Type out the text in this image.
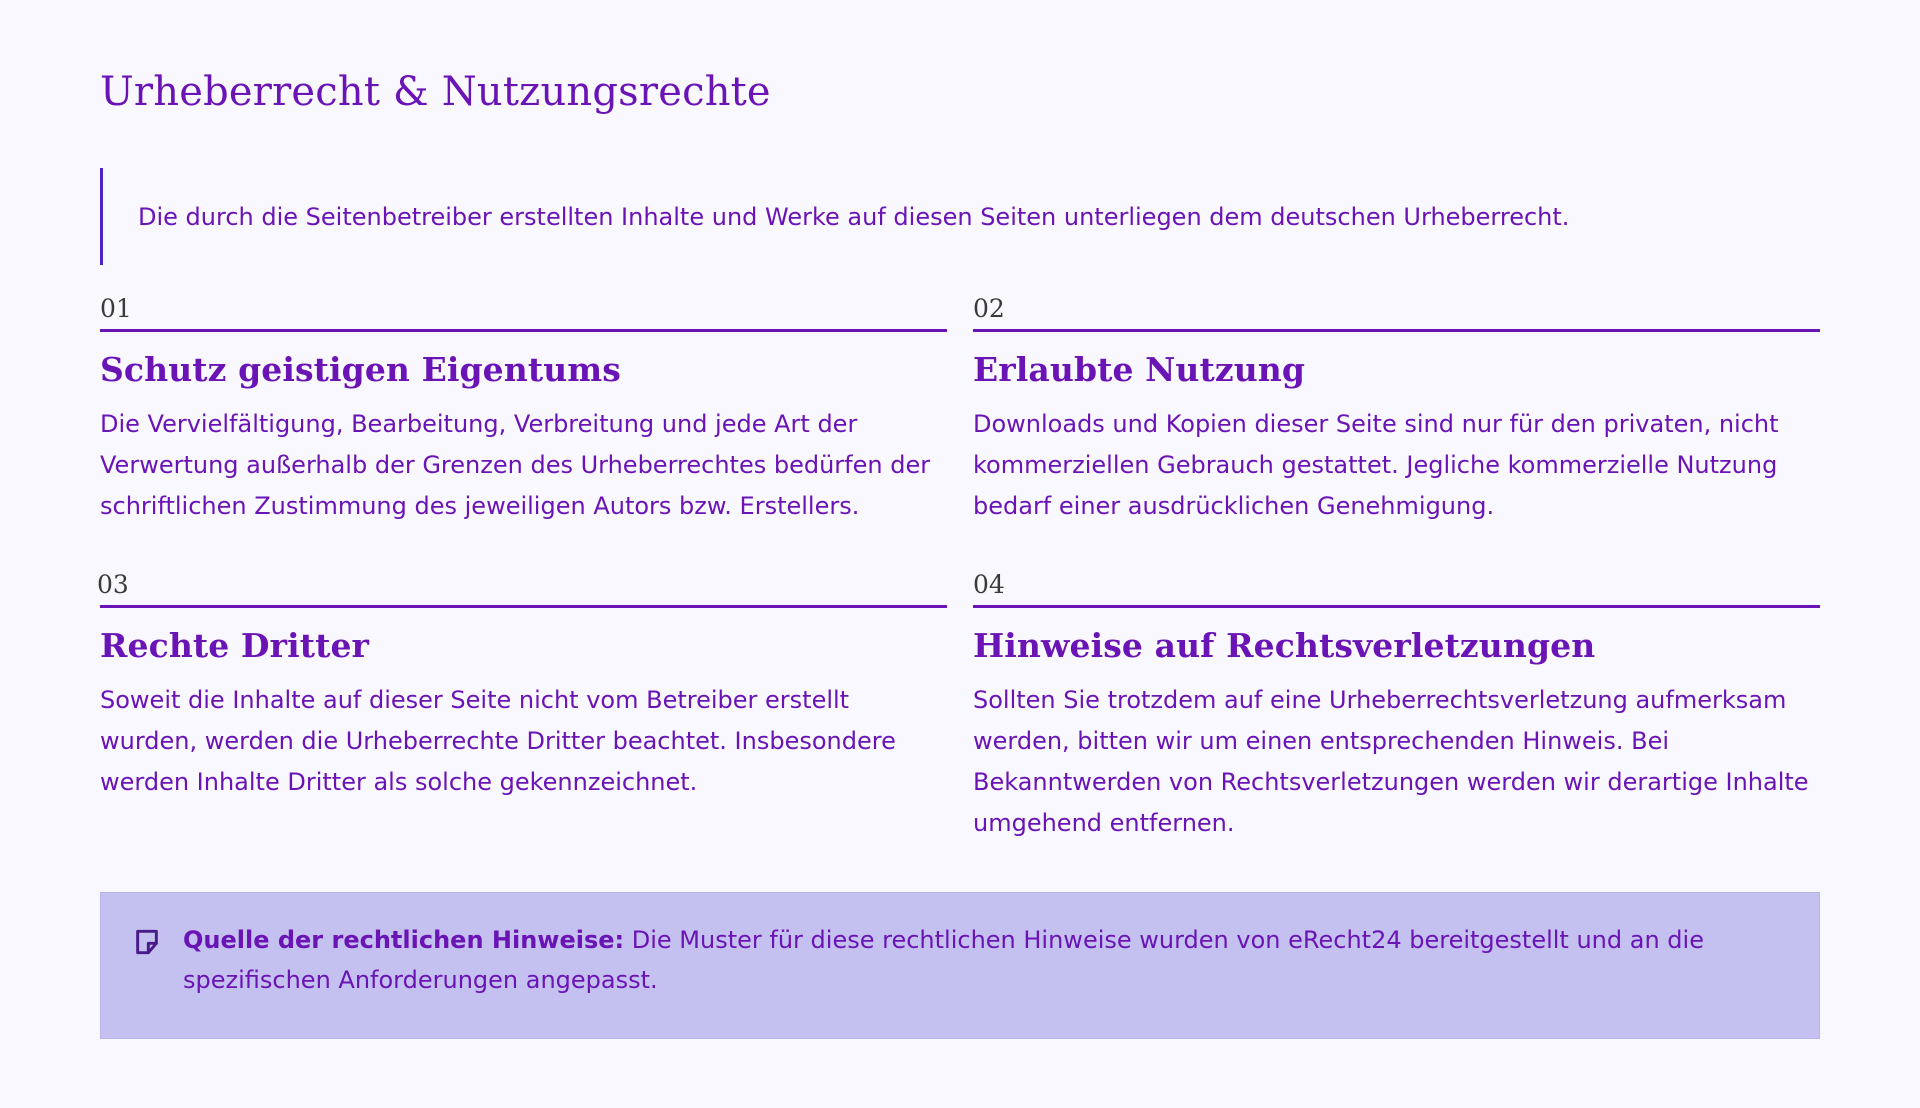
Urheberrecht & Nutzungsrechte
Die durch die Seitenbetreiber erstellten Inhalte und Werke auf diesen Seiten unterliegen dem deutschen Urheberrecht.
01
Schutz geistigen Eigentums

Die Vervielfältigung, Bearbeitung, Verbreitung und jede Art der Verwertung außerhalb der Grenzen des Urheberrechtes bedürfen der schriftlichen Zustimmung des jeweiligen Autors bzw. Erstellers.

02
Erlaubte Nutzung

Downloads und Kopien dieser Seite sind nur für den privaten, nicht kommerziellen Gebrauch gestattet. Jegliche kommerzielle Nutzung bedarf einer ausdrücklichen Genehmigung.

03
Rechte Dritter

Soweit die Inhalte auf dieser Seite nicht vom Betreiber erstellt wurden, werden die Urheberrechte Dritter beachtet. Insbesondere werden Inhalte Dritter als solche gekennzeichnet.

04
Hinweise auf Rechtsverletzungen

Sollten Sie trotzdem auf eine Urheberrechtsverletzung aufmerksam werden, bitten wir um einen entsprechenden Hinweis. Bei Bekanntwerden von Rechtsverletzungen werden wir derartige Inhalte umgehend entfernen.

Quelle der rechtlichen Hinweise: Die Muster für diese rechtlichen Hinweise wurden von eRecht24 bereitgestellt und an die spezifischen Anforderungen angepasst.
